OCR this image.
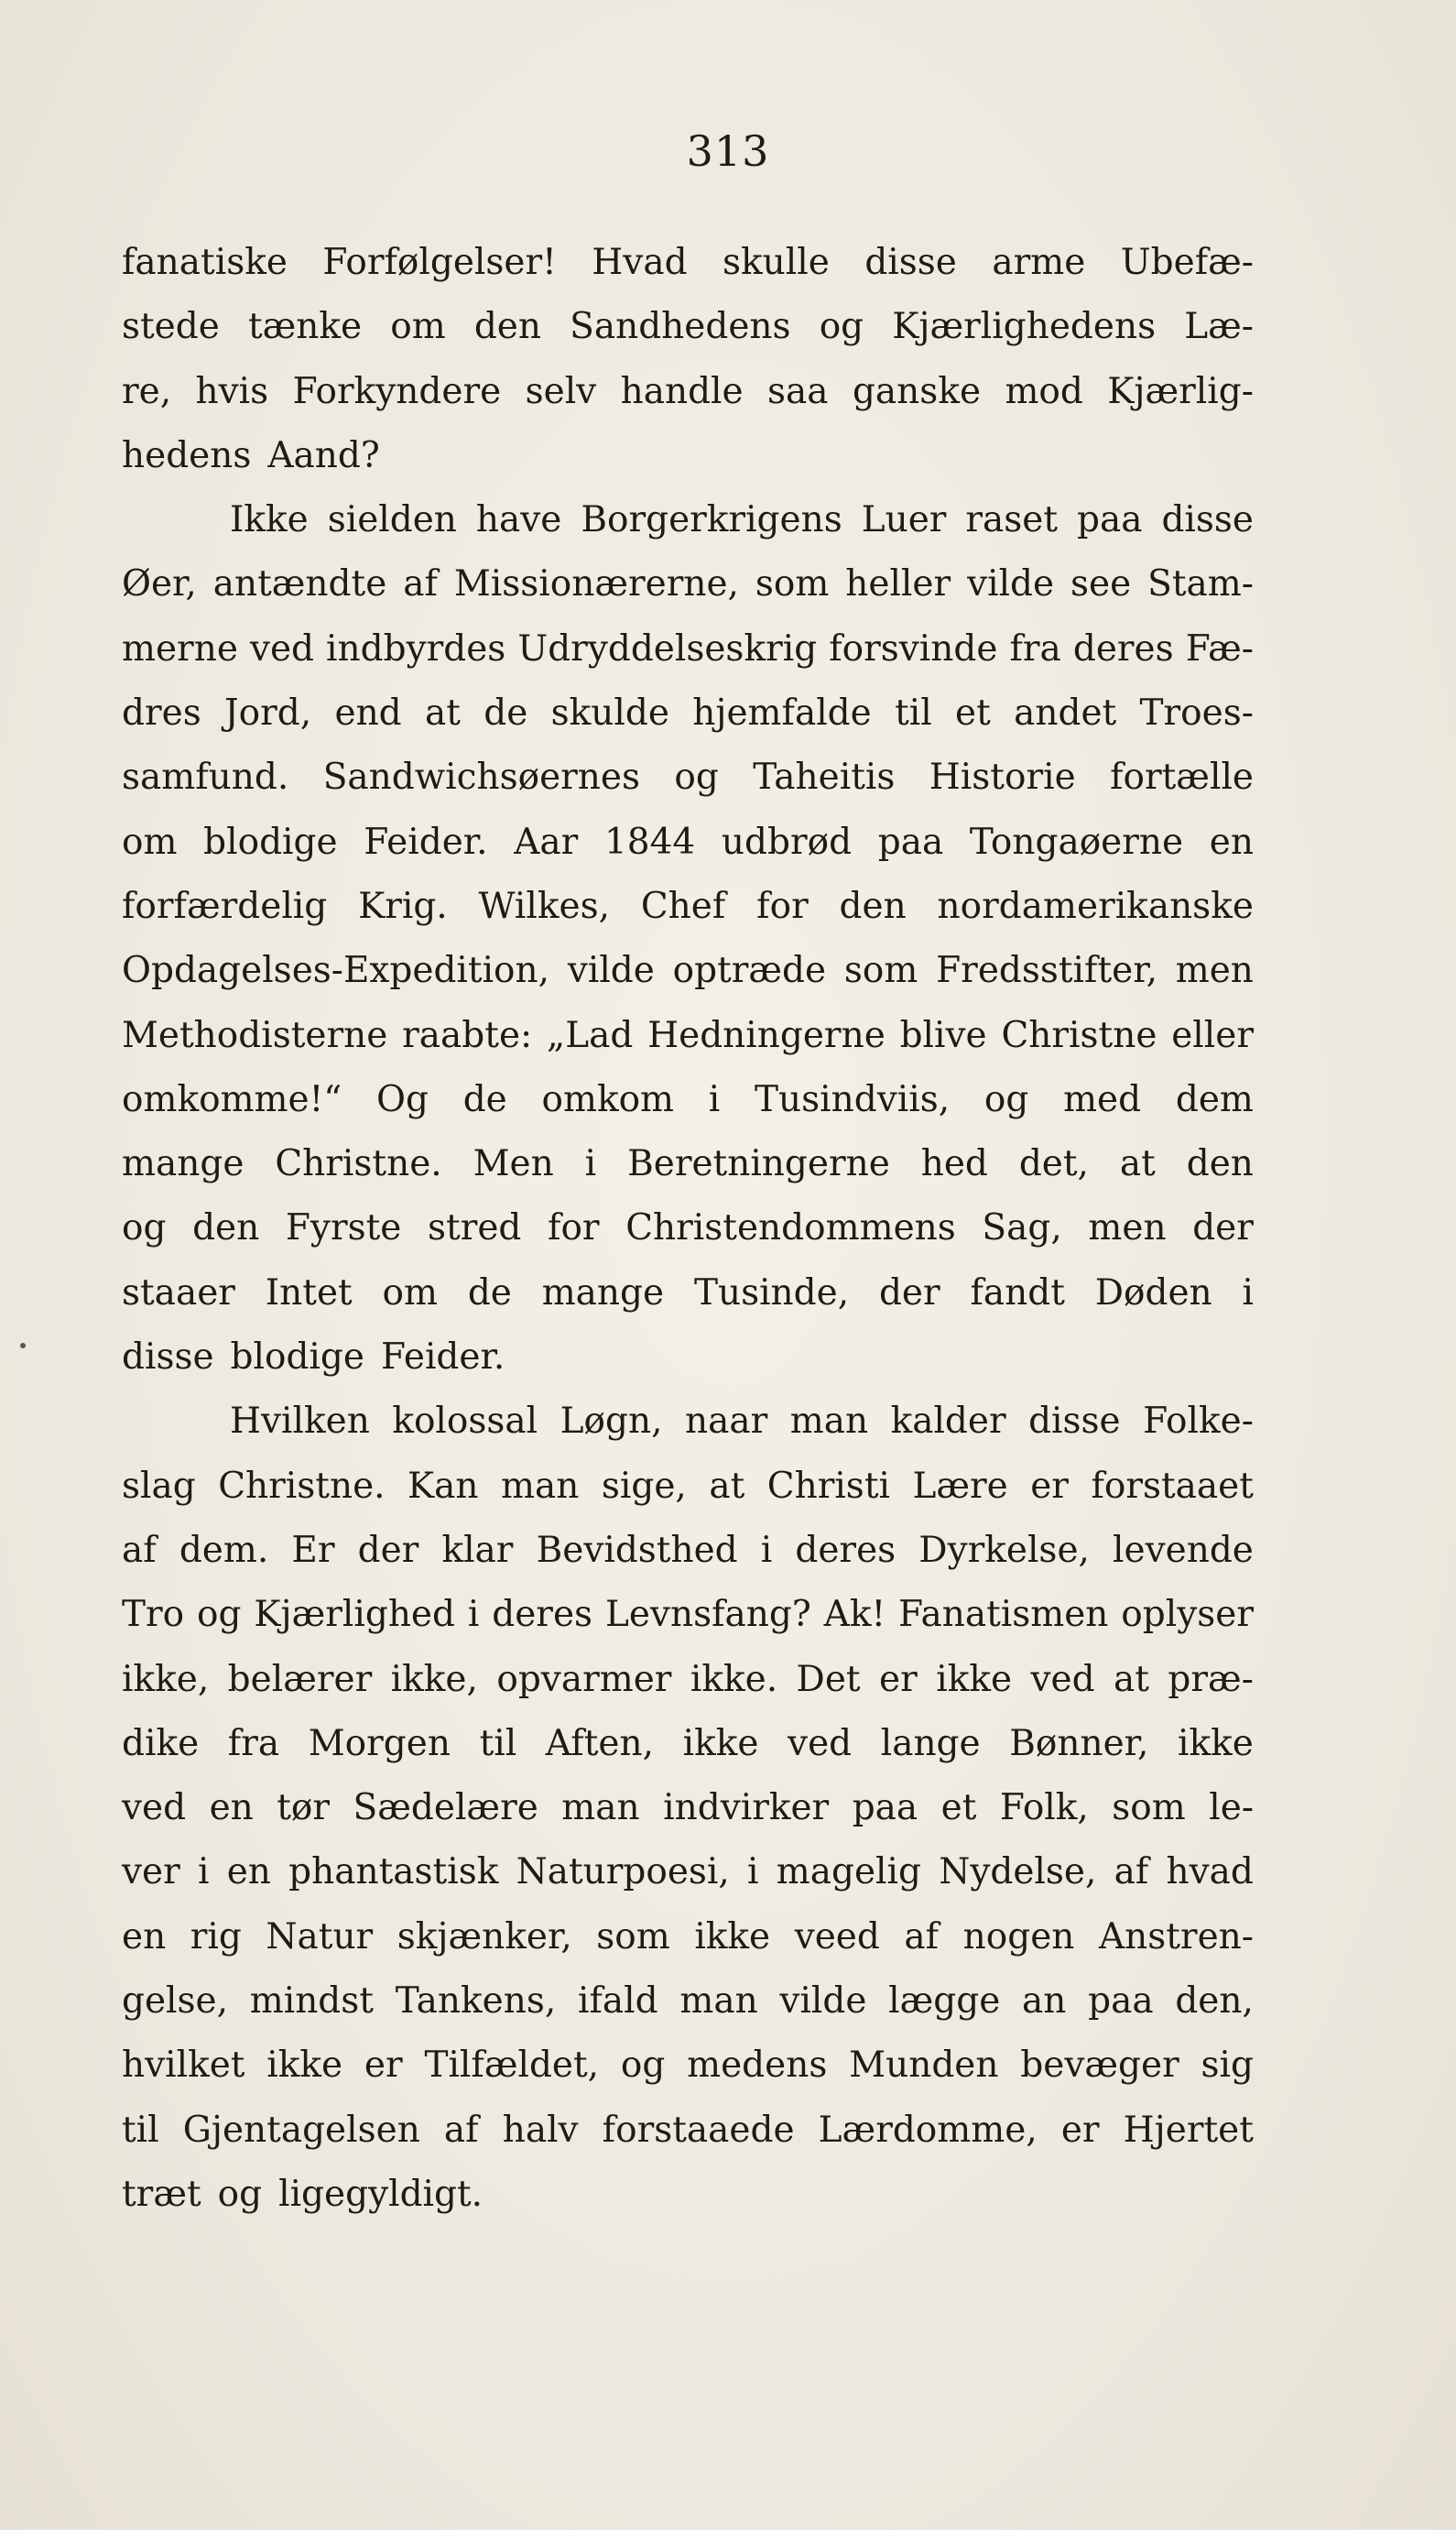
313
fanatiske Forfølgelser! Hvad skulle disse arme Ubefæ-
stede tænke om den Sandhedens og Kjærlighedens Læ-
re, hvis Forkyndere selv handle saa ganske mod Kjærlig-
hedens Aand?
Ikke sielden have Borgerkrigens Luer raset paa disse
Øer, antændte af Missionærerne, som heller vilde see Stam-
merne ved indbyrdes Udryddelseskrig forsvinde fra deres Fæ-
dres Jord, end at de skulde hjemfalde til et andet Troes-
samfund. Sandwichsøernes og Taheitis Historie fortælle
om blodige Feider. Aar 1844 udbrød paa Tongaøerne en
forfærdelig Krig. Wilkes, Chef for den nordamerikanske
Opdagelses-Expedition, vilde optræde som Fredsstifter, men
Methodisterne raabte: „Lad Hedningerne blive Christne eller
omkomme!“ Og de omkom i Tusindviis, og med dem
mange Christne. Men i Beretningerne hed det, at den
og den Fyrste stred for Christendommens Sag, men der
staaer Intet om de mange Tusinde, der fandt Døden i
disse blodige Feider.
Hvilken kolossal Løgn, naar man kalder disse Folke-
slag Christne. Kan man sige, at Christi Lære er forstaaet
af dem. Er der klar Bevidsthed i deres Dyrkelse, levende
Tro og Kjærlighed i deres Levnsfang? Ak! Fanatismen oplyser
ikke, belærer ikke, opvarmer ikke. Det er ikke ved at præ-
dike fra Morgen til Aften, ikke ved lange Bønner, ikke
ved en tør Sædelære man indvirker paa et Folk, som le-
ver i en phantastisk Naturpoesi, i magelig Nydelse, af hvad
en rig Natur skjænker, som ikke veed af nogen Anstren-
gelse, mindst Tankens, ifald man vilde lægge an paa den,
hvilket ikke er Tilfældet, og medens Munden bevæger sig
til Gjentagelsen af halv forstaaede Lærdomme, er Hjertet
træt og ligegyldigt.
